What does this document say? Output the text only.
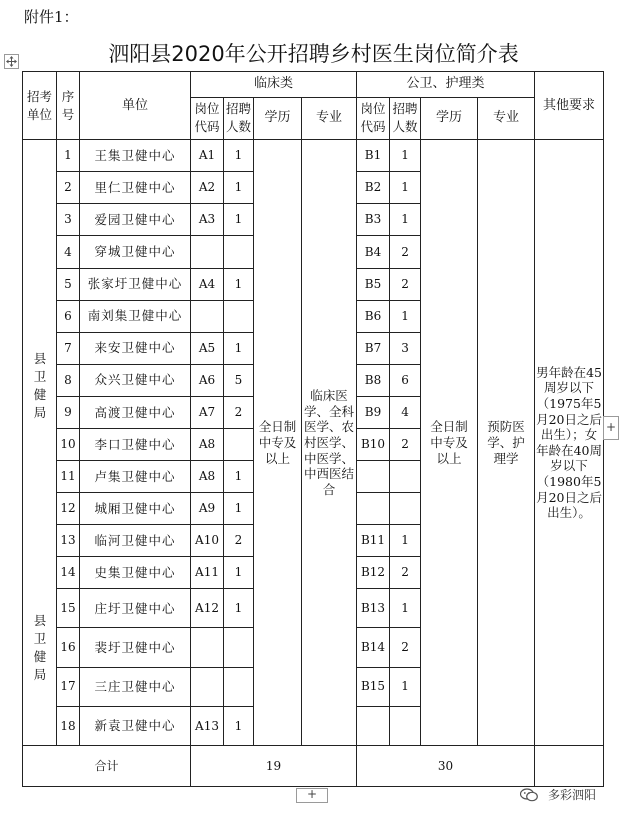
附件1：
泗阳县2020年公开招聘乡村医生岗位简介表
招考单位	序号	单位	临床类				公卫、护理类				其他要求
			岗位代码	招聘人数	学历	专业	岗位代码	招聘人数	学历	专业	

县卫健局
县卫健局	1	王集卫健中心	A1	1	全日制中专及以上	临床医学、全科医学、农村医学、中医学、中西医结合	B1	1	全日制中专及以上	预防医学、护理学	男年龄在45周岁以下（1975年5月20日之后出生）；女年龄在40周岁以下（1980年5月20日之后出生）。
	2	里仁卫健中心	A2	1			B2	1			
	3	爱园卫健中心	A3	1			B3	1			
	4	穿城卫健中心					B4	2			
	5	张家圩卫健中心	A4	1			B5	2			
	6	南刘集卫健中心					B6	1			
	7	来安卫健中心	A5	1			B7	3			
	8	众兴卫健中心	A6	5			B8	6			
	9	高渡卫健中心	A7	2			B9	4			
	10	李口卫健中心	A8				B10	2			
	11	卢集卫健中心	A8	1							
	12	城厢卫健中心	A9	1							
	13	临河卫健中心	A10	2			B11	1			
	14	史集卫健中心	A11	1			B12	2			
	15	庄圩卫健中心	A12	1			B13	1			
	16	裴圩卫健中心					B14	2			
	17	三庄卫健中心					B15	1			
	18	新袁卫健中心	A13	1							
合计			19				30				
+
+	多彩泗阳
